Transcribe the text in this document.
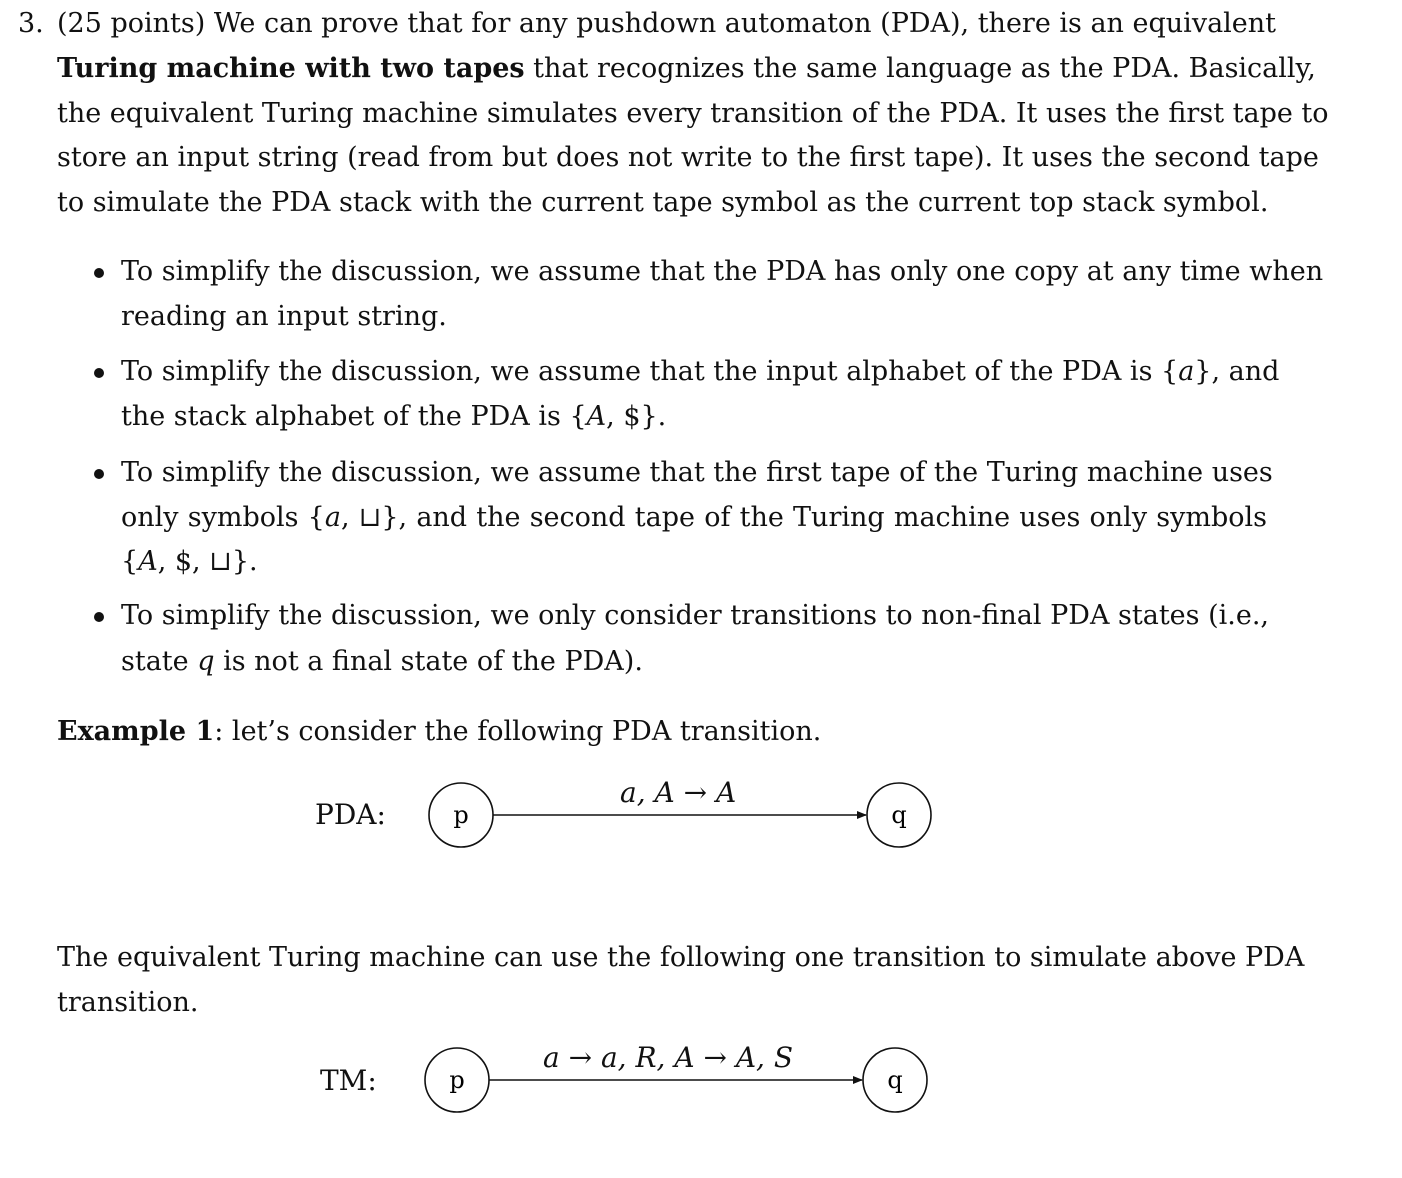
3. (25 points) We can prove that for any pushdown automaton (PDA), there is an equivalent
Turing machine with two tapes that recognizes the same language as the PDA. Basically,
the equivalent Turing machine simulates every transition of the PDA. It uses the first tape to
store an input string (read from but does not write to the first tape). It uses the second tape
to simulate the PDA stack with the current tape symbol as the current top stack symbol.
To simplify the discussion, we assume that the PDA has only one copy at any time when
reading an input string.
To simplify the discussion, we assume that the input alphabet of the PDA is {a}, and
the stack alphabet of the PDA is {A, $}.
To simplify the discussion, we assume that the first tape of the Turing machine uses
only symbols {a, ⊔}, and the second tape of the Turing machine uses only symbols
{A, $, ⊔}.
To simplify the discussion, we only consider transitions to non-final PDA states (i.e.,
state q is not a final state of the PDA).
Example 1: let’s consider the following PDA transition.
PDA:
a, A → A
p	q
p	q
The equivalent Turing machine can use the following one transition to simulate above PDA
transition.
TM:
a → a, R, A → A, S
